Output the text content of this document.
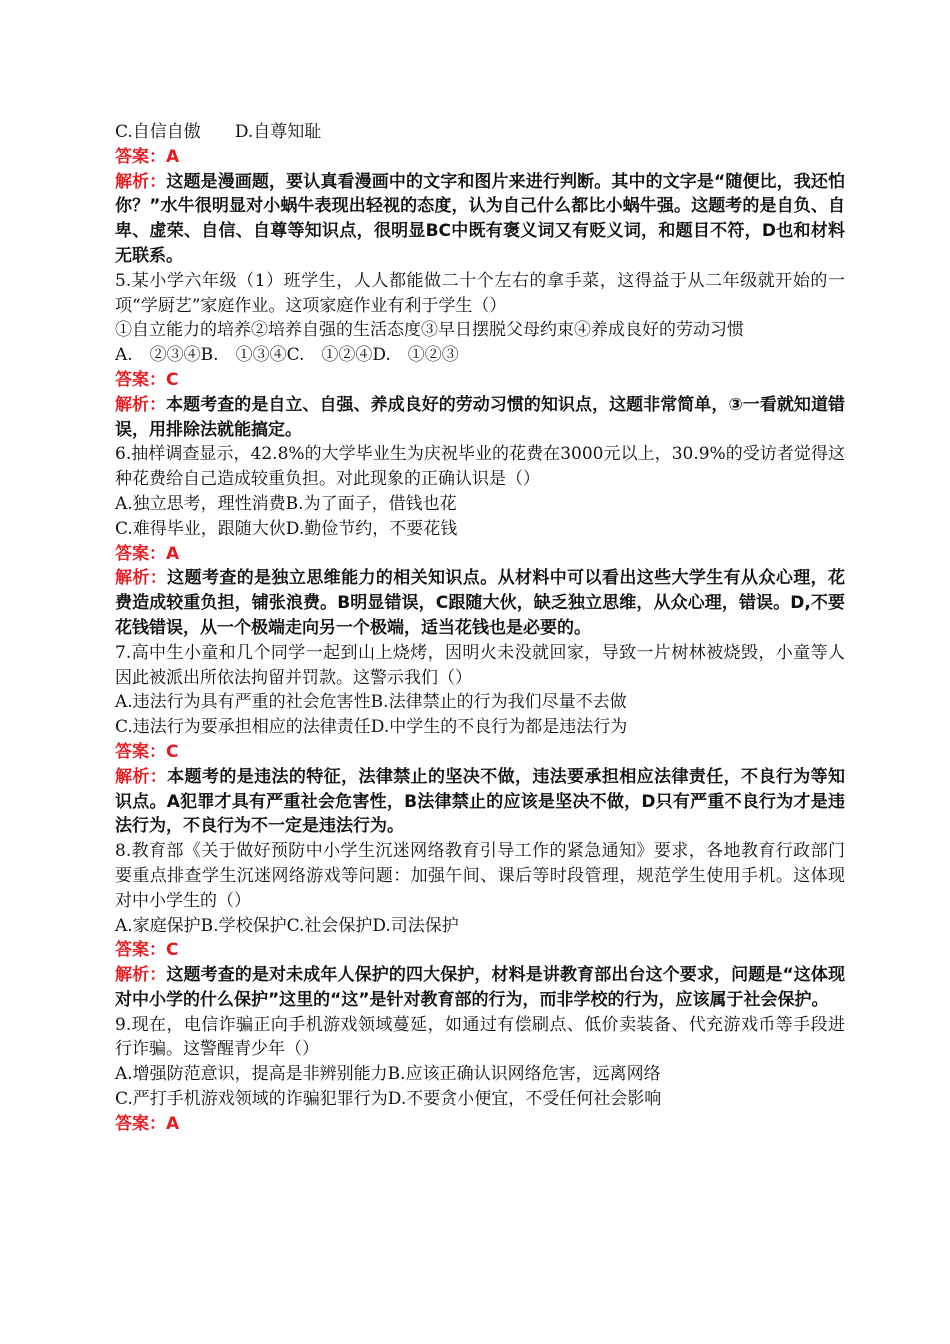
C.自信自傲 D.自尊知耻
答案：A
解析：这题是漫画题，要认真看漫画中的文字和图片来进行判断。其中的文字是“随便比，我还怕你？”水牛很明显对小蜗牛表现出轻视的态度，认为自己什么都比小蜗牛强。这题考的是自负、自卑、虚荣、自信、自尊等知识点，很明显BC中既有褒义词又有贬义词，和题目不符，D也和材料无联系。
5.某小学六年级（1）班学生，人人都能做二十个左右的拿手菜，这得益于从二年级就开始的一项“学厨艺”家庭作业。这项家庭作业有利于学生（）
①自立能力的培养②培养自强的生活态度③早日摆脱父母约束④养成良好的劳动习惯
A.　②③④B.　①③④C.　①②④D.　①②③
答案：C
解析：本题考查的是自立、自强、养成良好的劳动习惯的知识点，这题非常简单，③一看就知道错误，用排除法就能搞定。
6.抽样调查显示，42.8%的大学毕业生为庆祝毕业的花费在3000元以上，30.9%的受访者觉得这种花费给自己造成较重负担。对此现象的正确认识是（）
A.独立思考，理性消费B.为了面子，借钱也花
C.难得毕业，跟随大伙D.勤俭节约，不要花钱
答案：A
解析：这题考查的是独立思维能力的相关知识点。从材料中可以看出这些大学生有从众心理，花费造成较重负担，铺张浪费。B明显错误，C跟随大伙，缺乏独立思维，从众心理，错误。D,不要花钱错误，从一个极端走向另一个极端，适当花钱也是必要的。
7.高中生小童和几个同学一起到山上烧烤，因明火未没就回家，导致一片树林被烧毁，小童等人因此被派出所依法拘留并罚款。这警示我们（）
A.违法行为具有严重的社会危害性B.法律禁止的行为我们尽量不去做
C.违法行为要承担相应的法律责任D.中学生的不良行为都是违法行为
答案：C
解析：本题考的是违法的特征，法律禁止的坚决不做，违法要承担相应法律责任，不良行为等知识点。A犯罪才具有严重社会危害性，B法律禁止的应该是坚决不做，D只有严重不良行为才是违法行为，不良行为不一定是违法行为。
8.教育部《关于做好预防中小学生沉迷网络教育引导工作的紧急通知》要求，各地教育行政部门要重点排查学生沉迷网络游戏等问题：加强午间、课后等时段管理，规范学生使用手机。这体现对中小学生的（）
A.家庭保护B.学校保护C.社会保护D.司法保护
答案：C
解析：这题考查的是对未成年人保护的四大保护，材料是讲教育部出台这个要求，问题是“这体现对中小学的什么保护”这里的“这”是针对教育部的行为，而非学校的行为，应该属于社会保护。
9.现在，电信诈骗正向手机游戏领域蔓延，如通过有偿刷点、低价卖装备、代充游戏币等手段进行诈骗。这警醒青少年（）
A.增强防范意识，提高是非辨别能力B.应该正确认识网络危害，远离网络
C.严打手机游戏领域的诈骗犯罪行为D.不要贪小便宜，不受任何社会影响
答案：A
